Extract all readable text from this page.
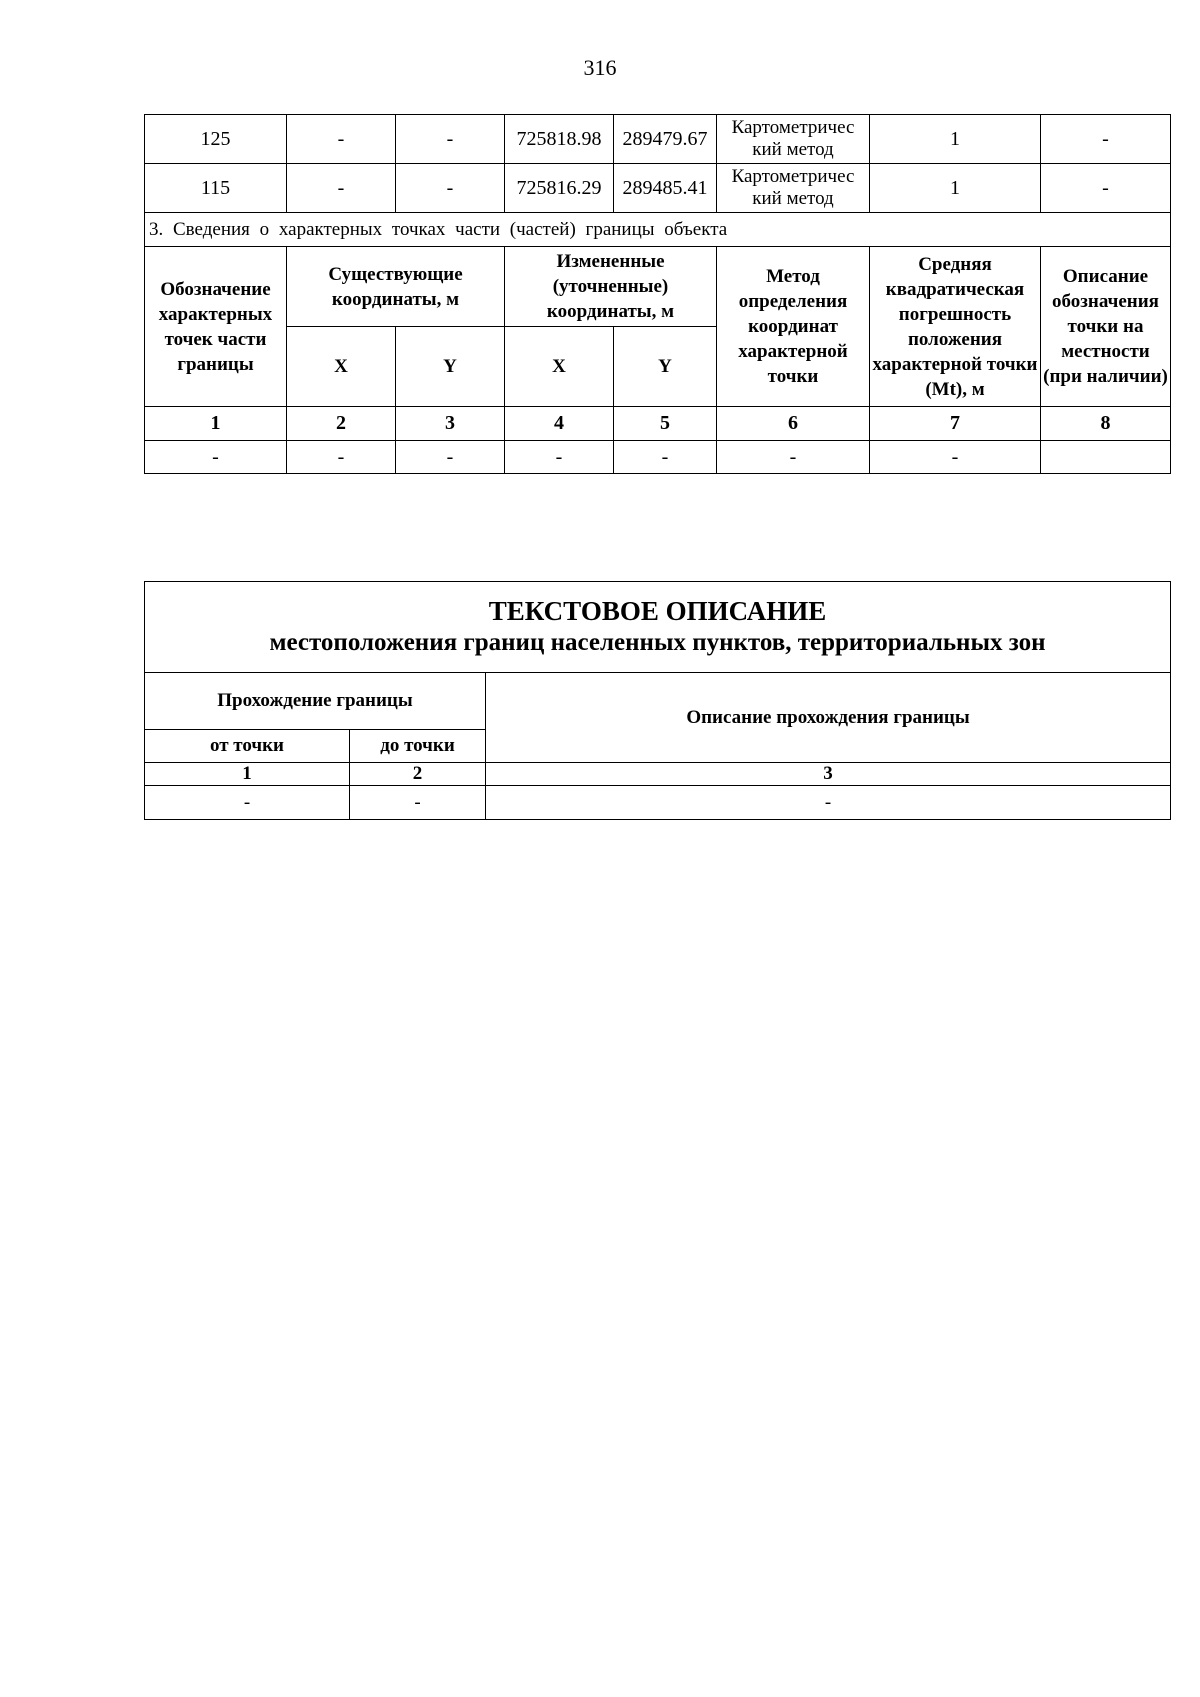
316
125	-	-	725818.98	289479.67	Картометричес кий метод	1	-
115	-	-	725816.29	289485.41	Картометричес кий метод	1	-
3. Сведения о характерных точках части (частей) границы объекта							
Обозначение характерных точек части границы	Существующие координаты, м		Измененные (уточненные) координаты, м		Метод определения координат характерной точки	Средняя квадратическая погрешность положения характерной точки (Mt), м	Описание обозначения точки на местности (при наличии)
	X	Y	X	Y			
1	2	3	4	5	6	7	8
-	-	-	-	-	-	-	
ТЕКСТОВОЕ ОПИСАНИЕ
местоположения границ населенных пунктов, территориальных зон		

Прохождение границы		Описание прохождения границы
от точки	до точки	
1	2	3
-	-	-
